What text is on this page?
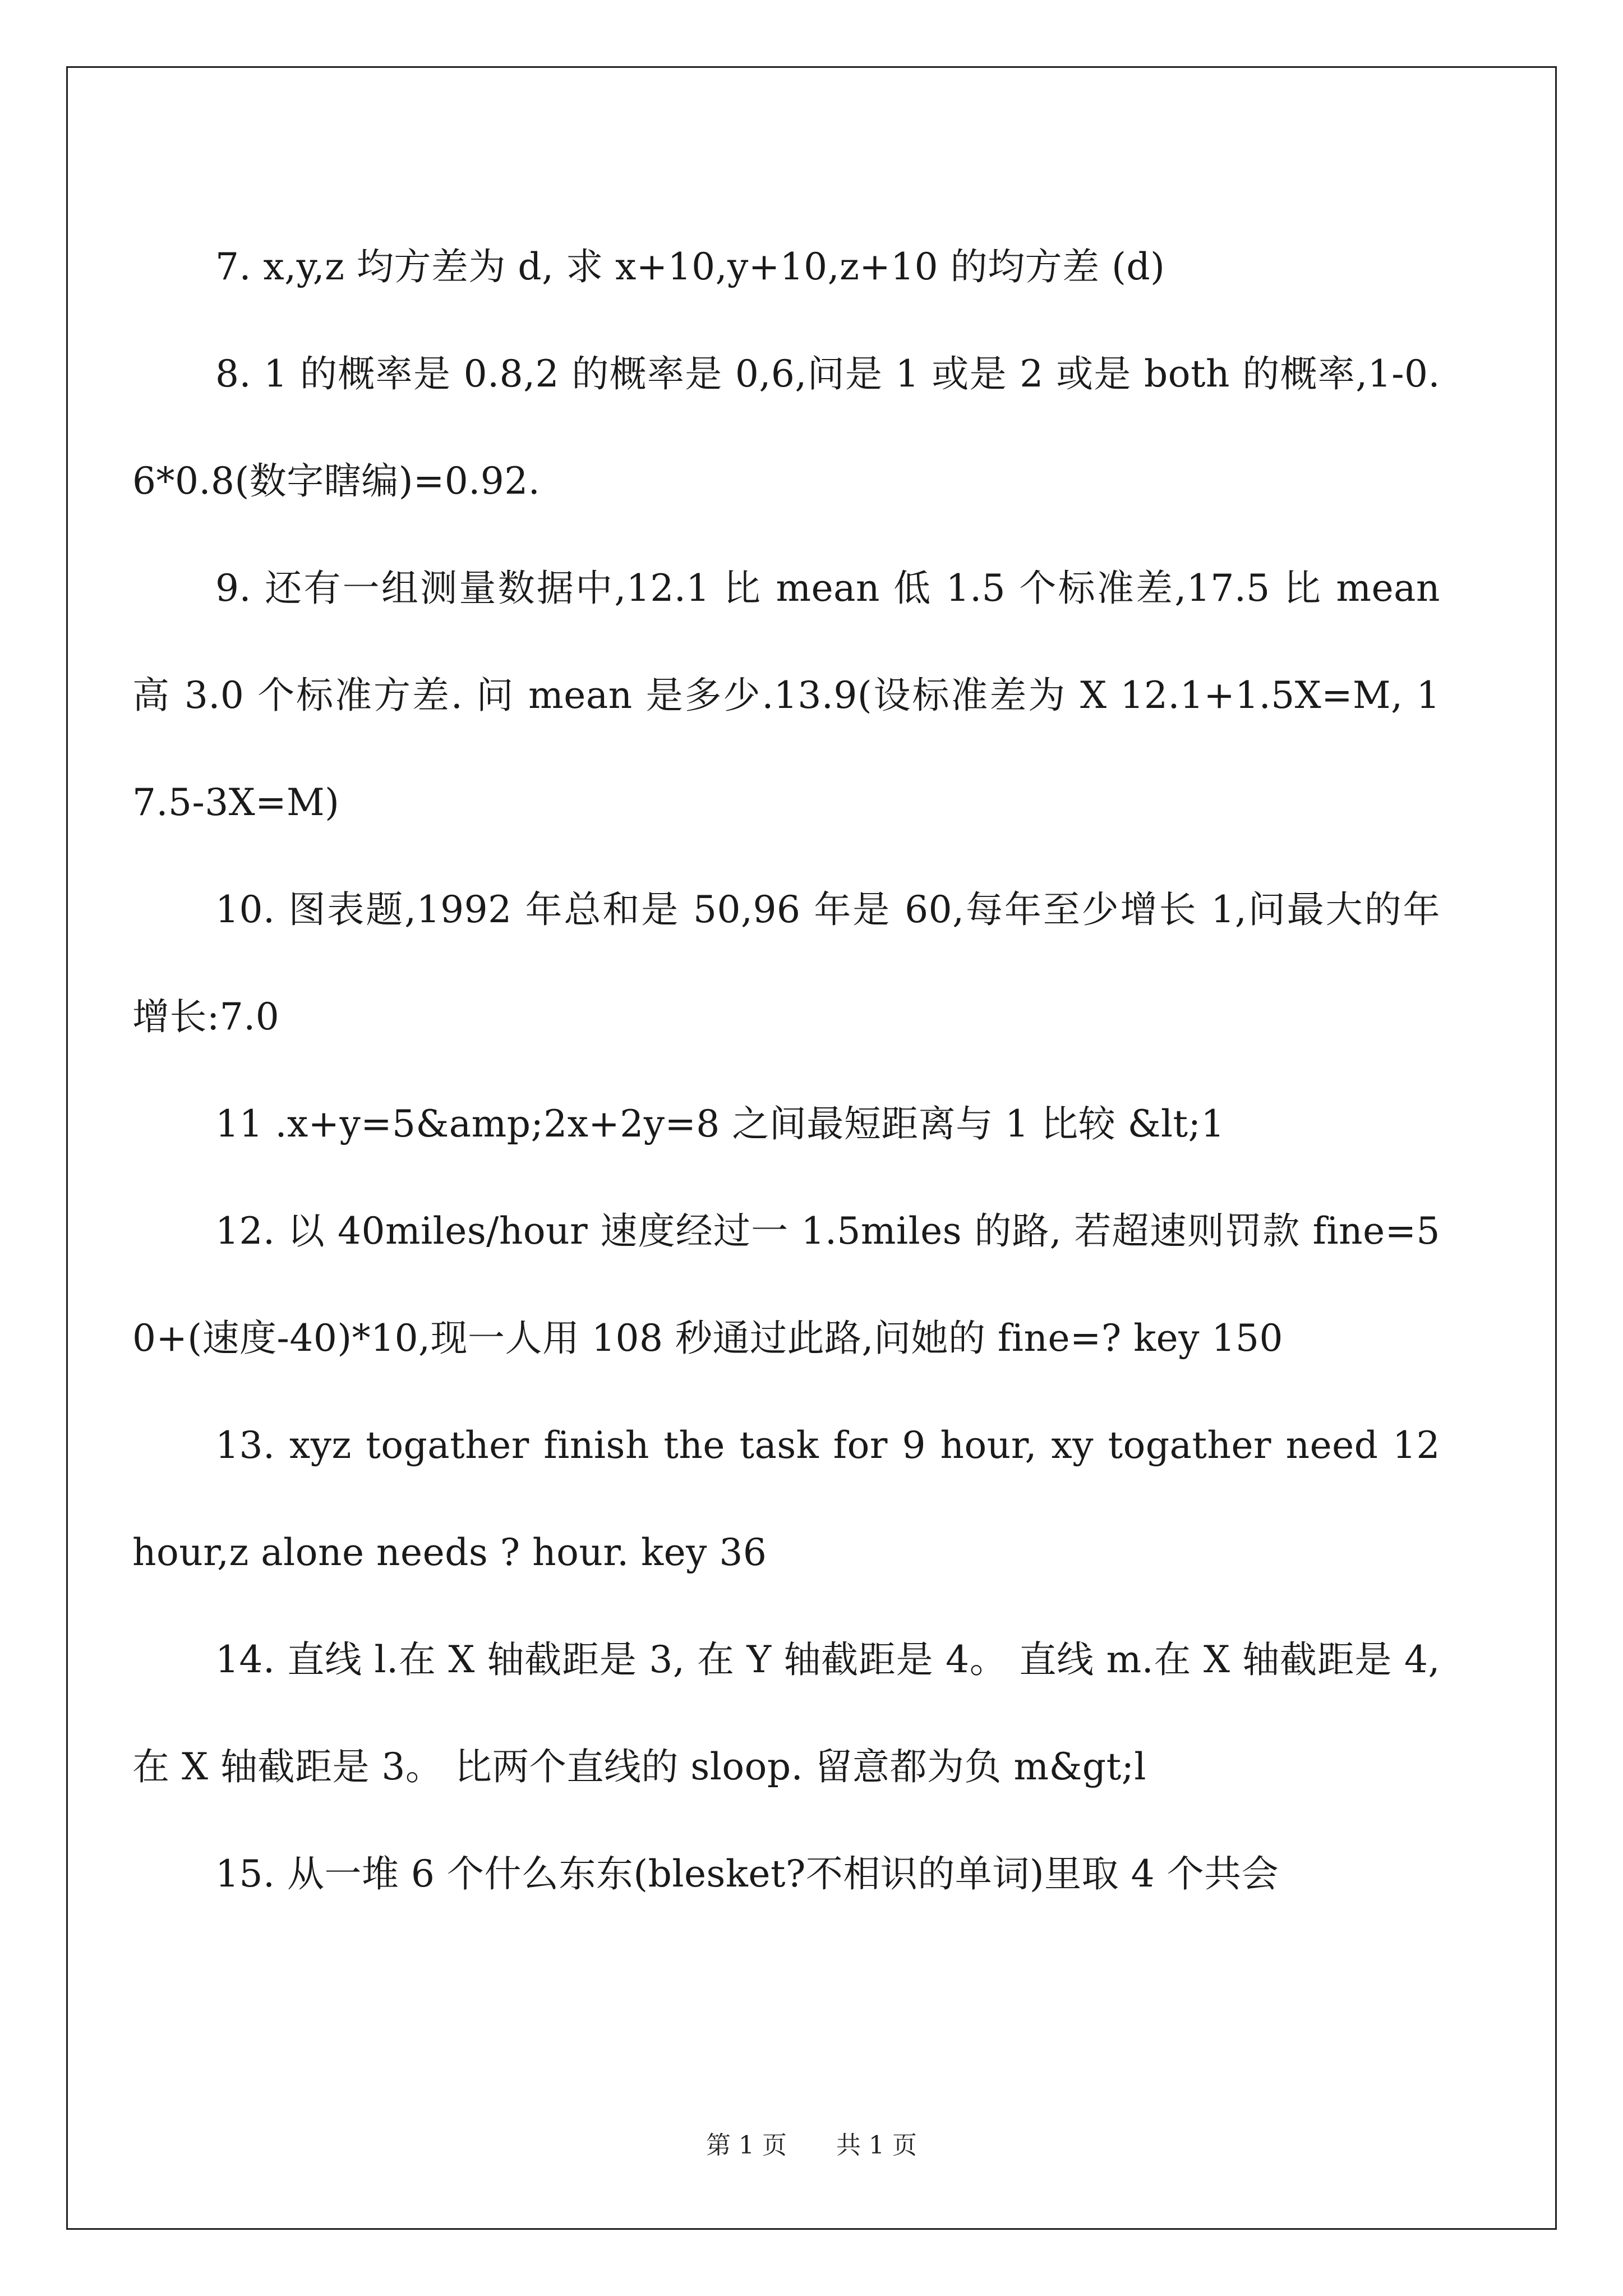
7. x,y,z 均方差为 d, 求 x+10,y+10,z+10 的均方差 (d)

8. 1 的概率是 0.8,2 的概率是 0,6,问是 1 或是 2 或是 both 的概率,1-0.6*0.8(数字瞎编)=0.92.

9. 还有一组测量数据中,12.1 比 mean 低 1.5 个标准差,17.5 比 mean 高 3.0 个标准方差. 问 mean 是多少.13.9(设标准差为 X 12.1+1.5X=M, 17.5-3X=M)

10. 图表题,1992 年总和是 50,96 年是 60,每年至少增长 1,问最大的年增长:7.0

11 .x+y=5&amp;2x+2y=8 之间最短距离与 1 比较 &lt;1

12. 以 40miles/hour 速度经过一 1.5miles 的路, 若超速则罚款 fine=50+(速度-40)*10,现一人用 108 秒通过此路,问她的 fine=? key 150

13. xyz togather finish the task for 9 hour, xy togather need 12 hour,z alone needs ? hour. key 36

14. 直线 l.在 X 轴截距是 3, 在 Y 轴截距是 4。 直线 m.在 X 轴截距是 4, 在 X 轴截距是 3。 比两个直线的 sloop. 留意都为负 m&gt;l

15. 从一堆 6 个什么东东(blesket?不相识的单词)里取 4 个共会

第 1 页 共 1 页
